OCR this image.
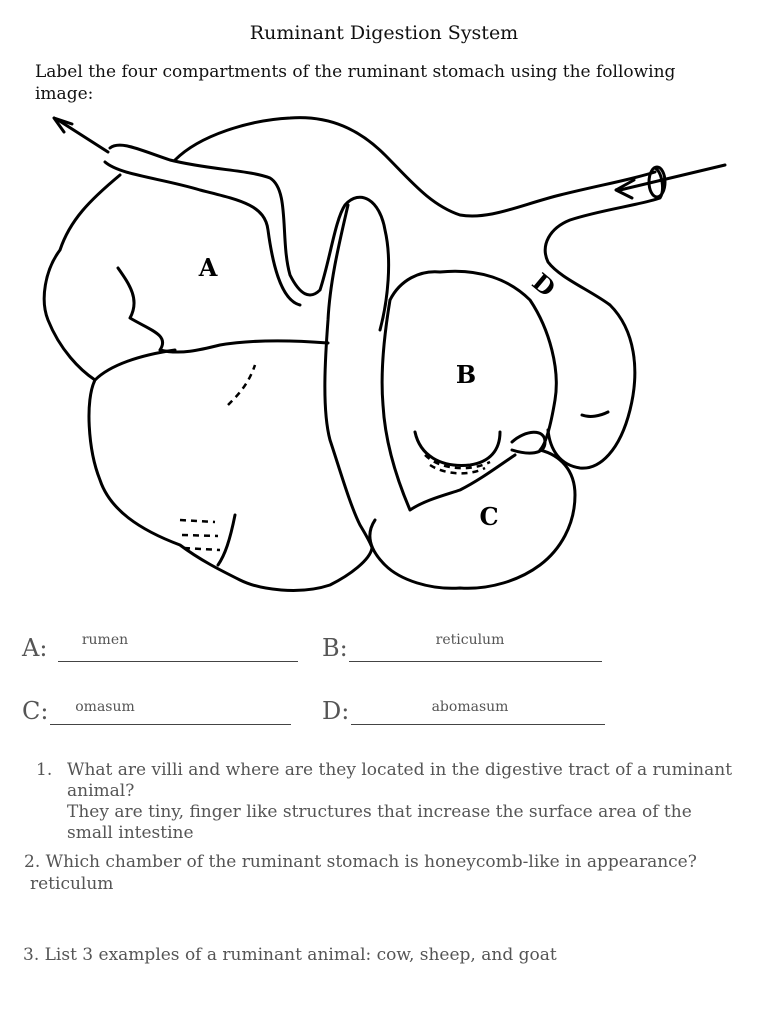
Ruminant Digestion System
Label the four compartments of the ruminant stomach using the following image:
A
B
C
D
A:	rumen	B:	reticulum
C:	omasum	D:	abomasum
1. What are villi and where are they located in the digestive tract of a ruminant animal?
They are tiny, finger like structures that increase the surface area of the small intestine
2. Which chamber of the ruminant stomach is honeycomb-like in appearance?
reticulum
3. List 3 examples of a ruminant animal: cow, sheep, and goat
